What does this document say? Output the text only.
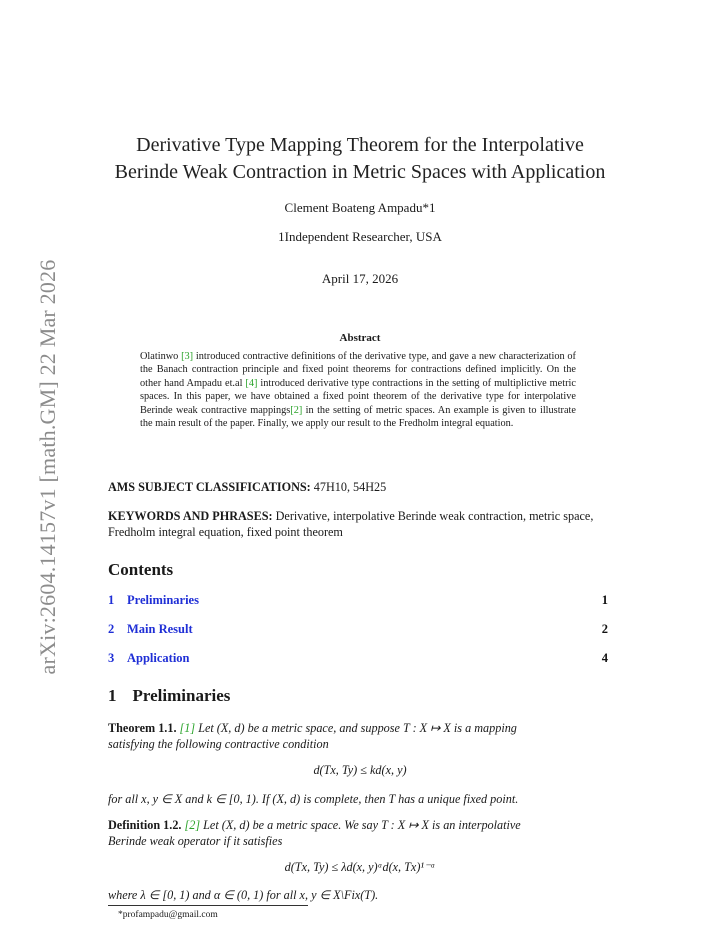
arXiv:2604.14157v1 [math.GM] 22 Mar 2026
Derivative Type Mapping Theorem for the Interpolative
Berinde Weak Contraction in Metric Spaces with Application
Clement Boateng Ampadu*1
1Independent Researcher, USA
April 17, 2026
Abstract
Olatinwo [3] introduced contractive definitions of the derivative type, and gave a new characterization of the Banach contraction principle and fixed point theorems for contractions defined implicitly. On the other hand Ampadu et.al [4] introduced derivative type contractions in the setting of multiplictive metric spaces. In this paper, we have obtained a fixed point theorem of the derivative type for interpolative Berinde weak contractive mappings[2] in the setting of metric spaces. An example is given to illustrate the main result of the paper. Finally, we apply our result to the Fredholm integral equation.
AMS SUBJECT CLASSIFICATIONS: 47H10, 54H25
KEYWORDS AND PHRASES: Derivative, interpolative Berinde weak contraction, metric space, Fredholm integral equation, fixed point theorem
Contents
1 Preliminaries	1
2 Main Result	2
3 Application	4
1 Preliminaries
Theorem 1.1. [1] Let (X, d) be a metric space, and suppose T : X ↦ X is a mapping
satisfying the following contractive condition
d(Tx, Ty) ≤ kd(x, y)
for all x, y ∈ X and k ∈ [0, 1). If (X, d) is complete, then T has a unique fixed point.
Definition 1.2. [2] Let (X, d) be a metric space. We say T : X ↦ X is an interpolative
Berinde weak operator if it satisfies
d(Tx, Ty) ≤ λd(x, y)ᵅd(x, Tx)¹⁻ᵅ
where λ ∈ [0, 1) and α ∈ (0, 1) for all x, y ∈ X\Fix(T).
*profampadu@gmail.com
